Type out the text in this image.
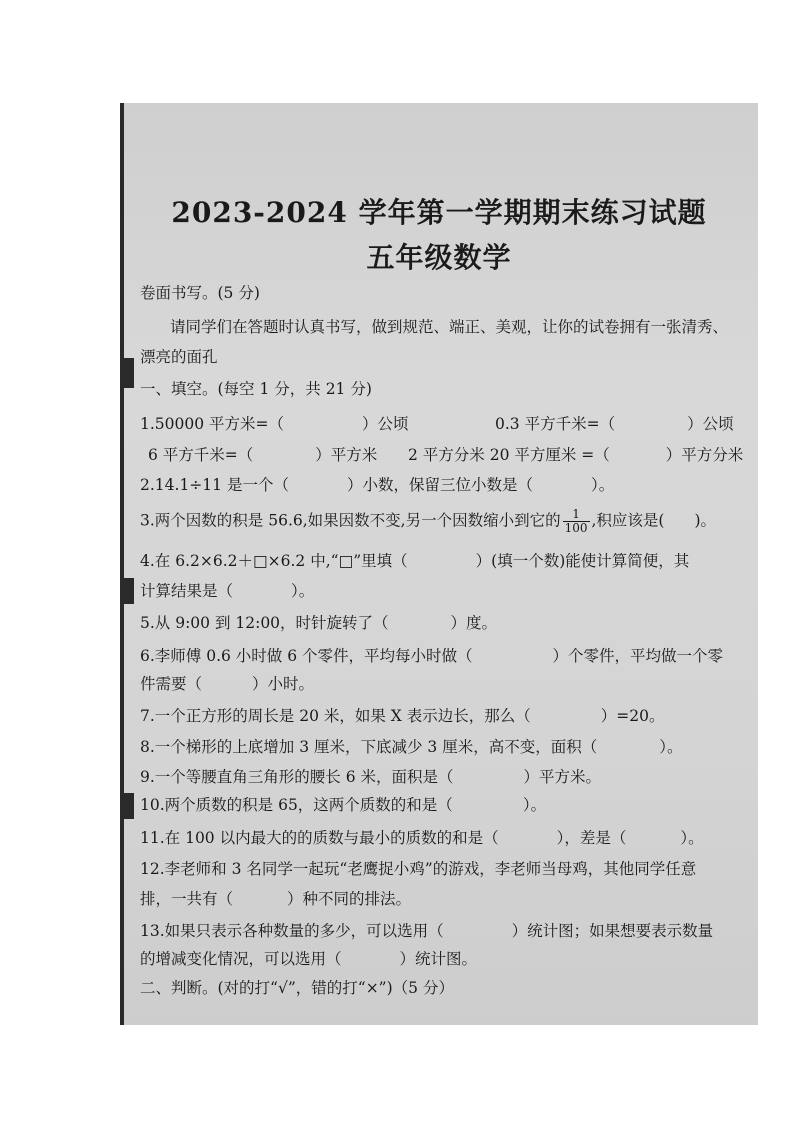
2023-2024 学年第一学期期末练习试题
五年级数学
卷面书写。(5 分)
请同学们在答题时认真书写，做到规范、端正、美观，让你的试卷拥有一张清秀、
漂亮的面孔
一、填空。(每空 1 分，共 21 分)
1.50000 平方米=（	）公顷	0.3 平方千米=（	）公顷
6 平方千米=（	）平方米	2 平方分米 20 平方厘米 =（	）平方分米
2.14.1÷11 是一个（	）小数，保留三位小数是（	）。
3.两个因数的积是 56.6,如果因数不变,另一个因数缩小到它的 $\frac{1}{100}$ ,积应该是( )。
4.在 6.2×6.2＋□×6.2 中,“□”里填（	）(填一个数)能使计算简便，其
计算结果是（	）。
5.从 9:00 到 12:00，时针旋转了（	）度。
6.李师傅 0.6 小时做 6 个零件，平均每小时做（	）个零件，平均做一个零
件需要（	）小时。
7.一个正方形的周长是 20 米，如果 X 表示边长，那么（	）=20。
8.一个梯形的上底增加 3 厘米，下底减少 3 厘米，高不变，面积（	）。
9.一个等腰直角三角形的腰长 6 米，面积是（	）平方米。
10.两个质数的积是 65，这两个质数的和是（	）。
11.在 100 以内最大的的质数与最小的质数的和是（	），差是（	）。
12.李老师和 3 名同学一起玩“老鹰捉小鸡”的游戏，李老师当母鸡，其他同学任意
排，一共有（	）种不同的排法。
13.如果只表示各种数量的多少，可以选用（	）统计图；如果想要表示数量
的增减变化情况，可以选用（	）统计图。
二、判断。(对的打“√”，错的打“×”)（5 分）
